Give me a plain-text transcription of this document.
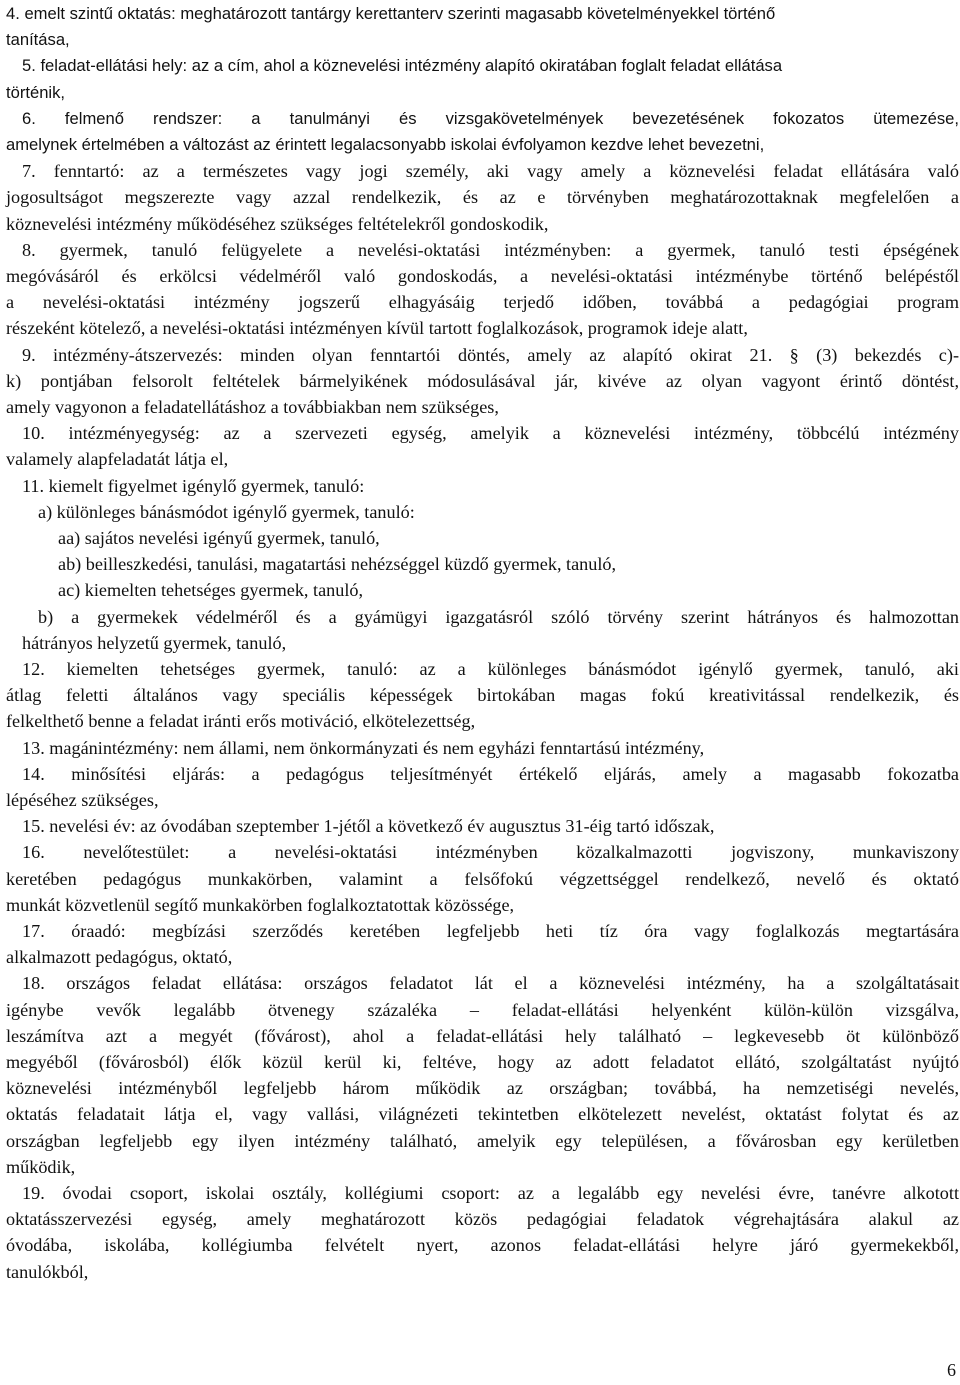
4. emelt szintű oktatás: meghatározott tantárgy kerettanterv szerinti magasabb követelményekkel történő
tanítása,
5. feladat-ellátási hely: az a cím, ahol a köznevelési intézmény alapító okiratában foglalt feladat ellátása
történik,
6. felmenő rendszer: a tanulmányi és vizsgakövetelmények bevezetésének fokozatos ütemezése,
amelynek értelmében a változást az érintett legalacsonyabb iskolai évfolyamon kezdve lehet bevezetni,
7. fenntartó: az a természetes vagy jogi személy, aki vagy amely a köznevelési feladat ellátására való
jogosultságot megszerezte vagy azzal rendelkezik, és az e törvényben meghatározottaknak megfelelően a
köznevelési intézmény működéséhez szükséges feltételekről gondoskodik,
8. gyermek, tanuló felügyelete a nevelési-oktatási intézményben: a gyermek, tanuló testi épségének
megóvásáról és erkölcsi védelméről való gondoskodás, a nevelési-oktatási intézménybe történő belépéstől
a nevelési-oktatási intézmény jogszerű elhagyásáig terjedő időben, továbbá a pedagógiai program
részeként kötelező, a nevelési-oktatási intézményen kívül tartott foglalkozások, programok ideje alatt,
9. intézmény-átszervezés: minden olyan fenntartói döntés, amely az alapító okirat 21. § (3) bekezdés c)-
k) pontjában felsorolt feltételek bármelyikének módosulásával jár, kivéve az olyan vagyont érintő döntést,
amely vagyonon a feladatellátáshoz a továbbiakban nem szükséges,
10. intézményegység: az a szervezeti egység, amelyik a köznevelési intézmény, többcélú intézmény
valamely alapfeladatát látja el,
11. kiemelt figyelmet igénylő gyermek, tanuló:
a) különleges bánásmódot igénylő gyermek, tanuló:
aa) sajátos nevelési igényű gyermek, tanuló,
ab) beilleszkedési, tanulási, magatartási nehézséggel küzdő gyermek, tanuló,
ac) kiemelten tehetséges gyermek, tanuló,
b) a gyermekek védelméről és a gyámügyi igazgatásról szóló törvény szerint hátrányos és halmozottan
hátrányos helyzetű gyermek, tanuló,
12. kiemelten tehetséges gyermek, tanuló: az a különleges bánásmódot igénylő gyermek, tanuló, aki
átlag feletti általános vagy speciális képességek birtokában magas fokú kreativitással rendelkezik, és
felkelthető benne a feladat iránti erős motiváció, elkötelezettség,
13. magánintézmény: nem állami, nem önkormányzati és nem egyházi fenntartású intézmény,
14. minősítési eljárás: a pedagógus teljesítményét értékelő eljárás, amely a magasabb fokozatba
lépéséhez szükséges,
15. nevelési év: az óvodában szeptember 1-jétől a következő év augusztus 31-éig tartó időszak,
16. nevelőtestület: a nevelési-oktatási intézményben közalkalmazotti jogviszony, munkaviszony
keretében pedagógus munkakörben, valamint a felsőfokú végzettséggel rendelkező, nevelő és oktató
munkát közvetlenül segítő munkakörben foglalkoztatottak közössége,
17. óraadó: megbízási szerződés keretében legfeljebb heti tíz óra vagy foglalkozás megtartására
alkalmazott pedagógus, oktató,
18. országos feladat ellátása: országos feladatot lát el a köznevelési intézmény, ha a szolgáltatásait
igénybe vevők legalább ötvenegy százaléka – feladat-ellátási helyenként külön-külön vizsgálva,
leszámítva azt a megyét (fővárost), ahol a feladat-ellátási hely található – legkevesebb öt különböző
megyéből (fővárosból) élők közül kerül ki, feltéve, hogy az adott feladatot ellátó, szolgáltatást nyújtó
köznevelési intézményből legfeljebb három működik az országban; továbbá, ha nemzetiségi nevelés,
oktatás feladatait látja el, vagy vallási, világnézeti tekintetben elkötelezett nevelést, oktatást folytat és az
országban legfeljebb egy ilyen intézmény található, amelyik egy településen, a fővárosban egy kerületben
működik,
19. óvodai csoport, iskolai osztály, kollégiumi csoport: az a legalább egy nevelési évre, tanévre alkotott
oktatásszervezési egység, amely meghatározott közös pedagógiai feladatok végrehajtására alakul az
óvodába, iskolába, kollégiumba felvételt nyert, azonos feladat-ellátási helyre járó gyermekekből,
tanulókból,
6
